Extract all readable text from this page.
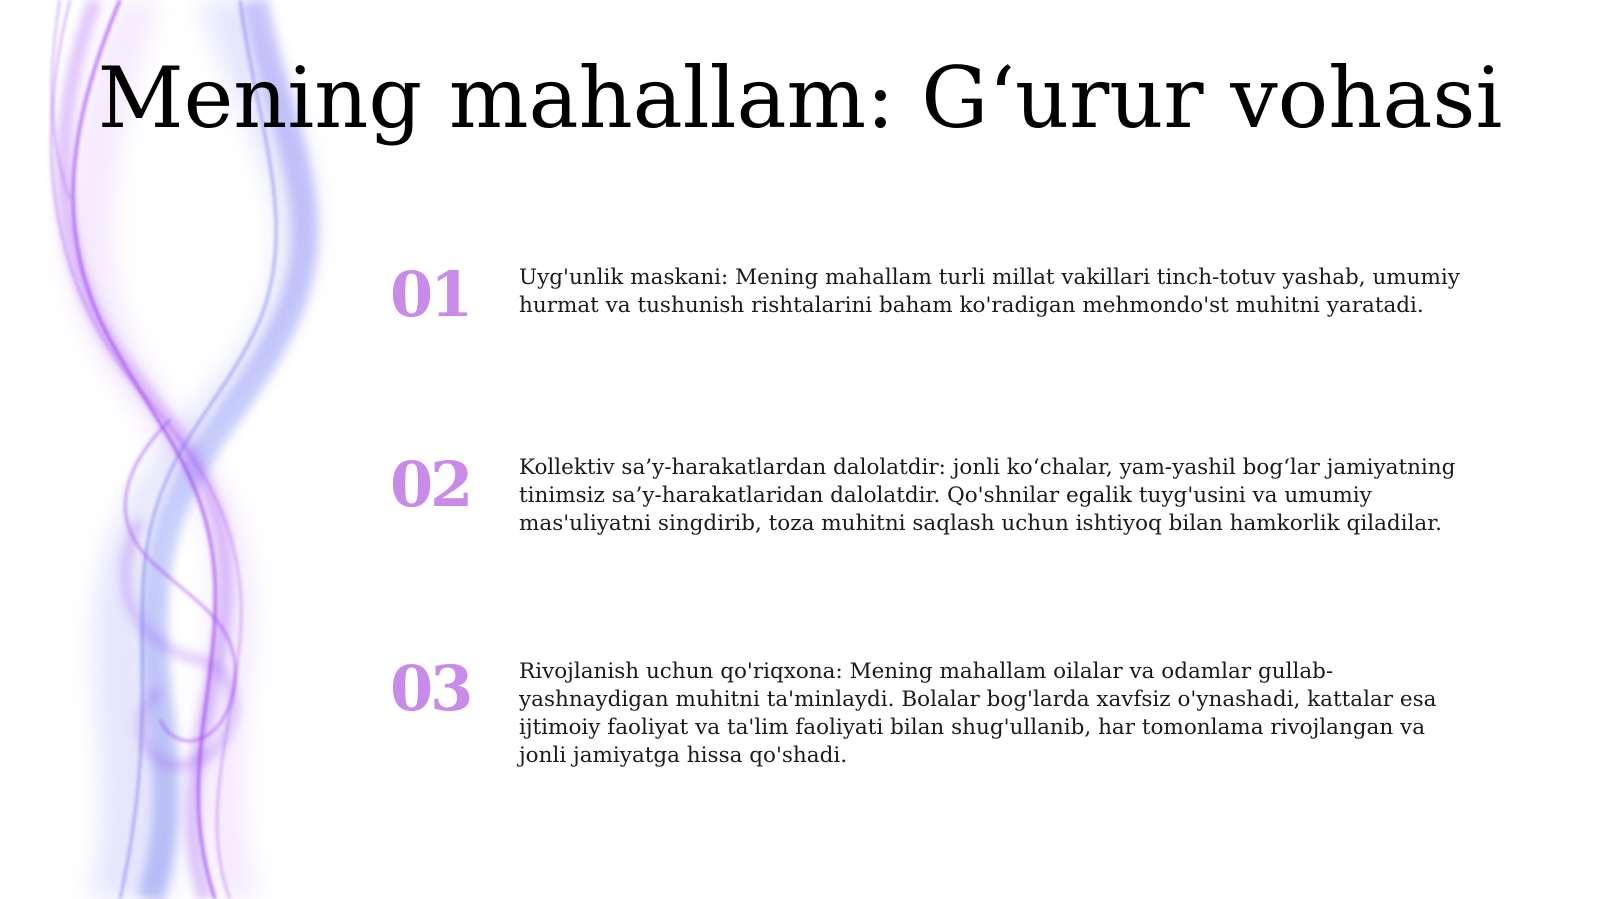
Mening mahallam: G‘urur vohasi
01	Uyg'unlik maskani: Mening mahallam turli millat vakillari tinch-totuv yashab, umumiy hurmat va tushunish rishtalarini baham ko'radigan mehmondo'st muhitni yaratadi.

02	Kollektiv sa’y-harakatlardan dalolatdir: jonli ko‘chalar, yam-yashil bog‘lar jamiyatning tinimsiz sa’y-harakatlaridan dalolatdir. Qo'shnilar egalik tuyg'usini va umumiy mas'uliyatni singdirib, toza muhitni saqlash uchun ishtiyoq bilan hamkorlik qiladilar.

03	Rivojlanish uchun qo'riqxona: Mening mahallam oilalar va odamlar gullab-yashnaydigan muhitni ta'minlaydi. Bolalar bog'larda xavfsiz o'ynashadi, kattalar esa ijtimoiy faoliyat va ta'lim faoliyati bilan shug'ullanib, har tomonlama rivojlangan va jonli jamiyatga hissa qo'shadi.
